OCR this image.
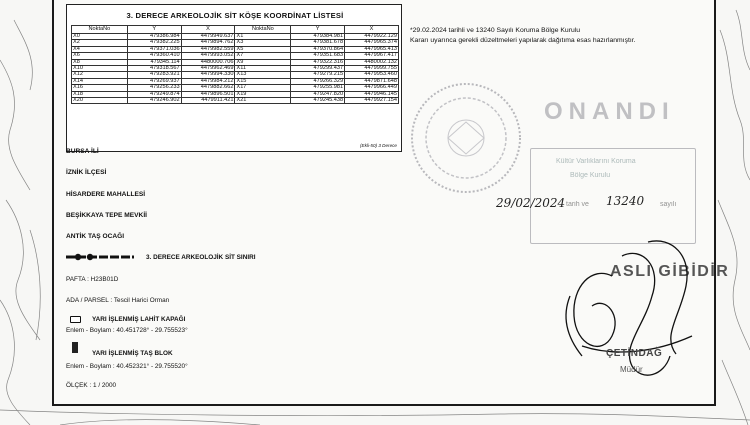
3. DERECE ARKEOLOJİK SİT KÖŞE KOORDİNAT LİSTESİ
NoktaNo	Y	X	NoktaNo	Y	X
X0	479386.984	4479949.637	X1	479384.981	4479922.129
X2	479382.225	4479894.762	X3	479381.678	4479965.374
X4	479371.036	4479982.559	X5	479370.864	4479965.413
X6	479360.410	4479993.052	X7	479351.683	4479967.417
X8	479345.114	4480000.706	X9	479322.316	4480002.132
X10	479318.567	4479962.469	X11	479299.437	4479999.755
X12	479283.921	4479994.330	X13	479279.215	4479953.460
X14	479269.937	4479984.212	X15	479266.329	4479871.648
X16	479256.233	4479882.662	X17	479255.981	4479966.449
X18	479249.874	4479896.501	X19	479247.820	4479946.145
X20	479246.902	4479911.421	X21	479245.438	4479927.154
(Ekli-50) 3 Derece
*29.02.2024 tarihli ve 13240 Sayılı Koruma Bölge Kurulu
Kararı uyarınca gerekli düzeltmeleri yapılarak dağıtıma esas hazırlanmıştır.
BURSA İLİ
İZNİK İLÇESİ
HİSARDERE MAHALLESİ
BEŞİKKAYA TEPE MEVKİİ
ANTİK TAŞ OCAĞI
3. DERECE ARKEOLOJİK SİT SINIRI
PAFTA : H23B01D
ADA / PARSEL : Tescil Harici Orman
YARI İŞLENMİŞ LAHİT KAPAĞI
Enlem - Boylam : 40.451728° - 29.755523°
YARI İŞLENMİŞ TAŞ BLOK
Enlem - Boylam : 40.452321° - 29.755520°
ÖLÇEK : 1 / 2000
ONANDI
Kültür Varlıklarını Koruma
Bölge Kurulu
29/02/2024 tarih ve 13240 sayılı
ASLI GİBİDİR
ÇETİNDAĞ
Müdür
